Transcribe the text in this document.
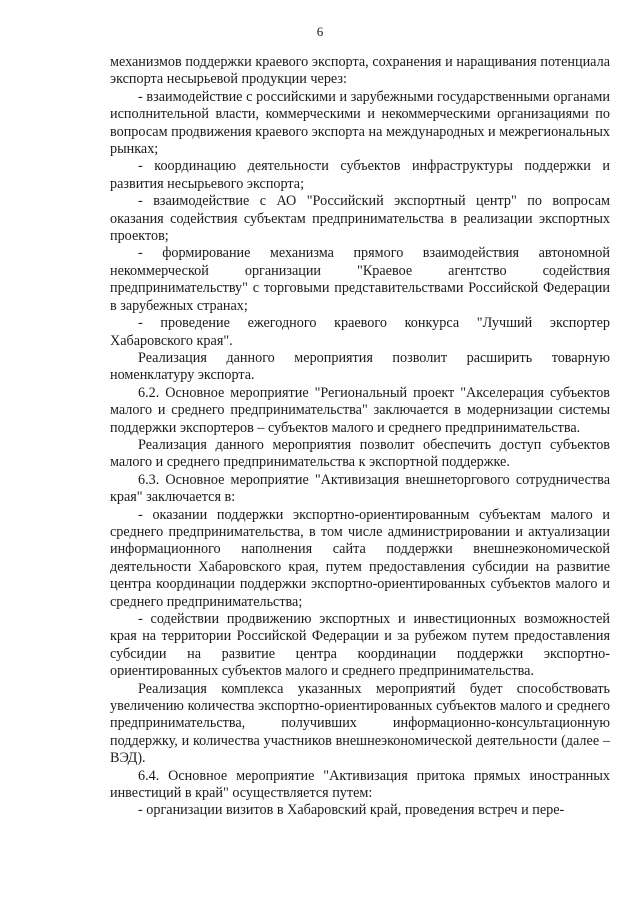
6

механизмов поддержки краевого экспорта, сохранения и наращивания потенциала экспорта несырьевой продукции через:

- взаимодействие с российскими и зарубежными государственными органами исполнительной власти, коммерческими и некоммерческими организациями по вопросам продвижения краевого экспорта на международных и межрегиональных рынках;

- координацию деятельности субъектов инфраструктуры поддержки и развития несырьевого экспорта;

- взаимодействие с АО "Российский экспортный центр" по вопросам оказания содействия субъектам предпринимательства в реализации экспортных проектов;

- формирование механизма прямого взаимодействия автономной некоммерческой организации "Краевое агентство содействия предпринимательству" с торговыми представительствами Российской Федерации в зарубежных странах;

- проведение ежегодного краевого конкурса "Лучший экспортер Хабаровского края".

Реализация данного мероприятия позволит расширить товарную номенклатуру экспорта.

6.2. Основное мероприятие "Региональный проект "Акселерация субъектов малого и среднего предпринимательства" заключается в модернизации системы поддержки экспортеров – субъектов малого и среднего предпринимательства.

Реализация данного мероприятия позволит обеспечить доступ субъектов малого и среднего предпринимательства к экспортной поддержке.

6.3. Основное мероприятие "Активизация внешнеторгового сотрудничества края" заключается в:

- оказании поддержки экспортно-ориентированным субъектам малого и среднего предпринимательства, в том числе администрировании и актуализации информационного наполнения сайта поддержки внешнеэкономической деятельности Хабаровского края, путем предоставления субсидии на развитие центра координации поддержки экспортно-ориентированных субъектов малого и среднего предпринимательства;

- содействии продвижению экспортных и инвестиционных возможностей края на территории Российской Федерации и за рубежом путем предоставления субсидии на развитие центра координации поддержки экспортно-ориентированных субъектов малого и среднего предпринимательства.

Реализация комплекса указанных мероприятий будет способствовать увеличению количества экспортно-ориентированных субъектов малого и среднего предпринимательства, получивших информационно-консультационную поддержку, и количества участников внешнеэкономической деятельности (далее – ВЭД).

6.4. Основное мероприятие "Активизация притока прямых иностранных инвестиций в край" осуществляется путем:

- организации визитов в Хабаровский край, проведения встреч и пере-
